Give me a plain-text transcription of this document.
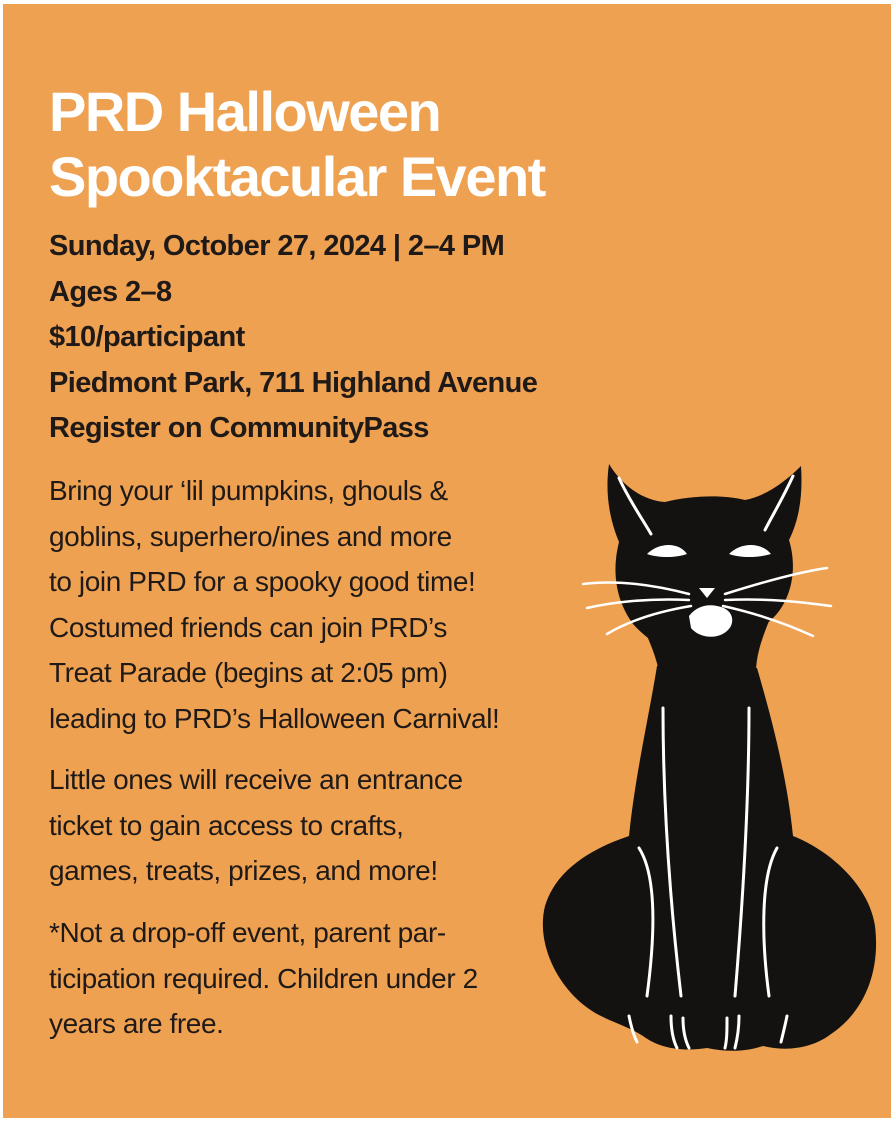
PRD Halloween
Spooktacular Event
Sunday, October 27, 2024 | 2–4 PM
Ages 2–8
$10/participant
Piedmont Park, 711 Highland Avenue
Register on CommunityPass
Bring your ‘lil pumpkins, ghouls &
goblins, superhero/ines and more
to join PRD for a spooky good time!
Costumed friends can join PRD’s
Treat Parade (begins at 2:05 pm)
leading to PRD’s Halloween Carnival!
Little ones will receive an entrance
ticket to gain access to crafts,
games, treats, prizes, and more!
*Not a drop-off event, parent par-
ticipation required. Children under 2
years are free.
